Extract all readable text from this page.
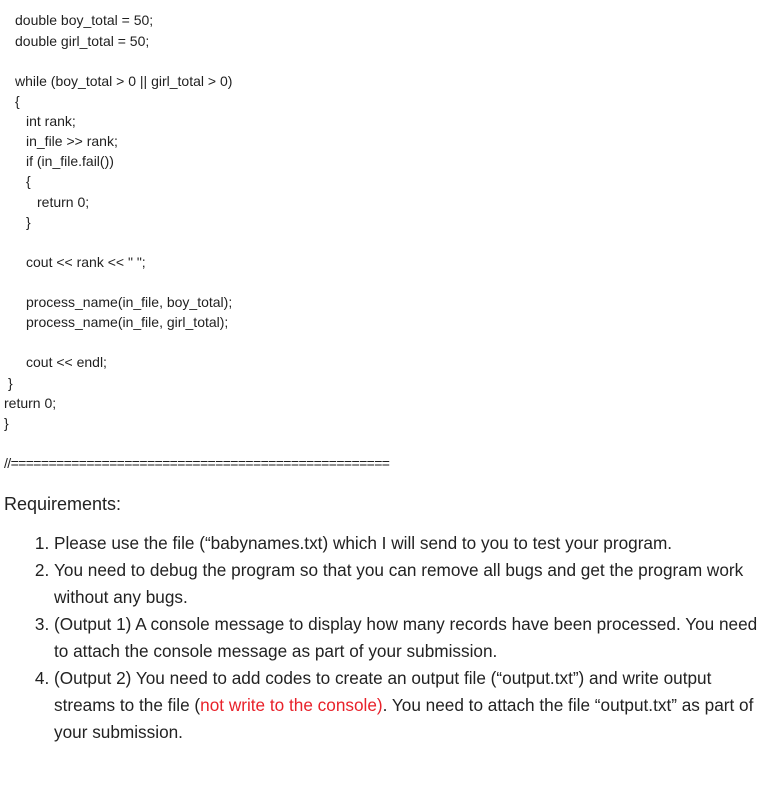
double boy_total = 50;
double girl_total = 50;
while (boy_total > 0 || girl_total > 0)
{
int rank;
in_file >> rank;
if (in_file.fail())
{
return 0;
}
cout << rank << " ";
process_name(in_file, boy_total);
process_name(in_file, girl_total);
cout << endl;
}
return 0;
}
//==================================================
Requirements:
1. Please use the file (“babynames.txt) which I will send to you to test your program.
2. You need to debug the program so that you can remove all bugs and get the program work without any bugs.
3. (Output 1) A console message to display how many records have been processed. You need to attach the console message as part of your submission.
4. (Output 2) You need to add codes to create an output file (“output.txt”) and write output streams to the file (not write to the console). You need to attach the file “output.txt” as part of your submission.
